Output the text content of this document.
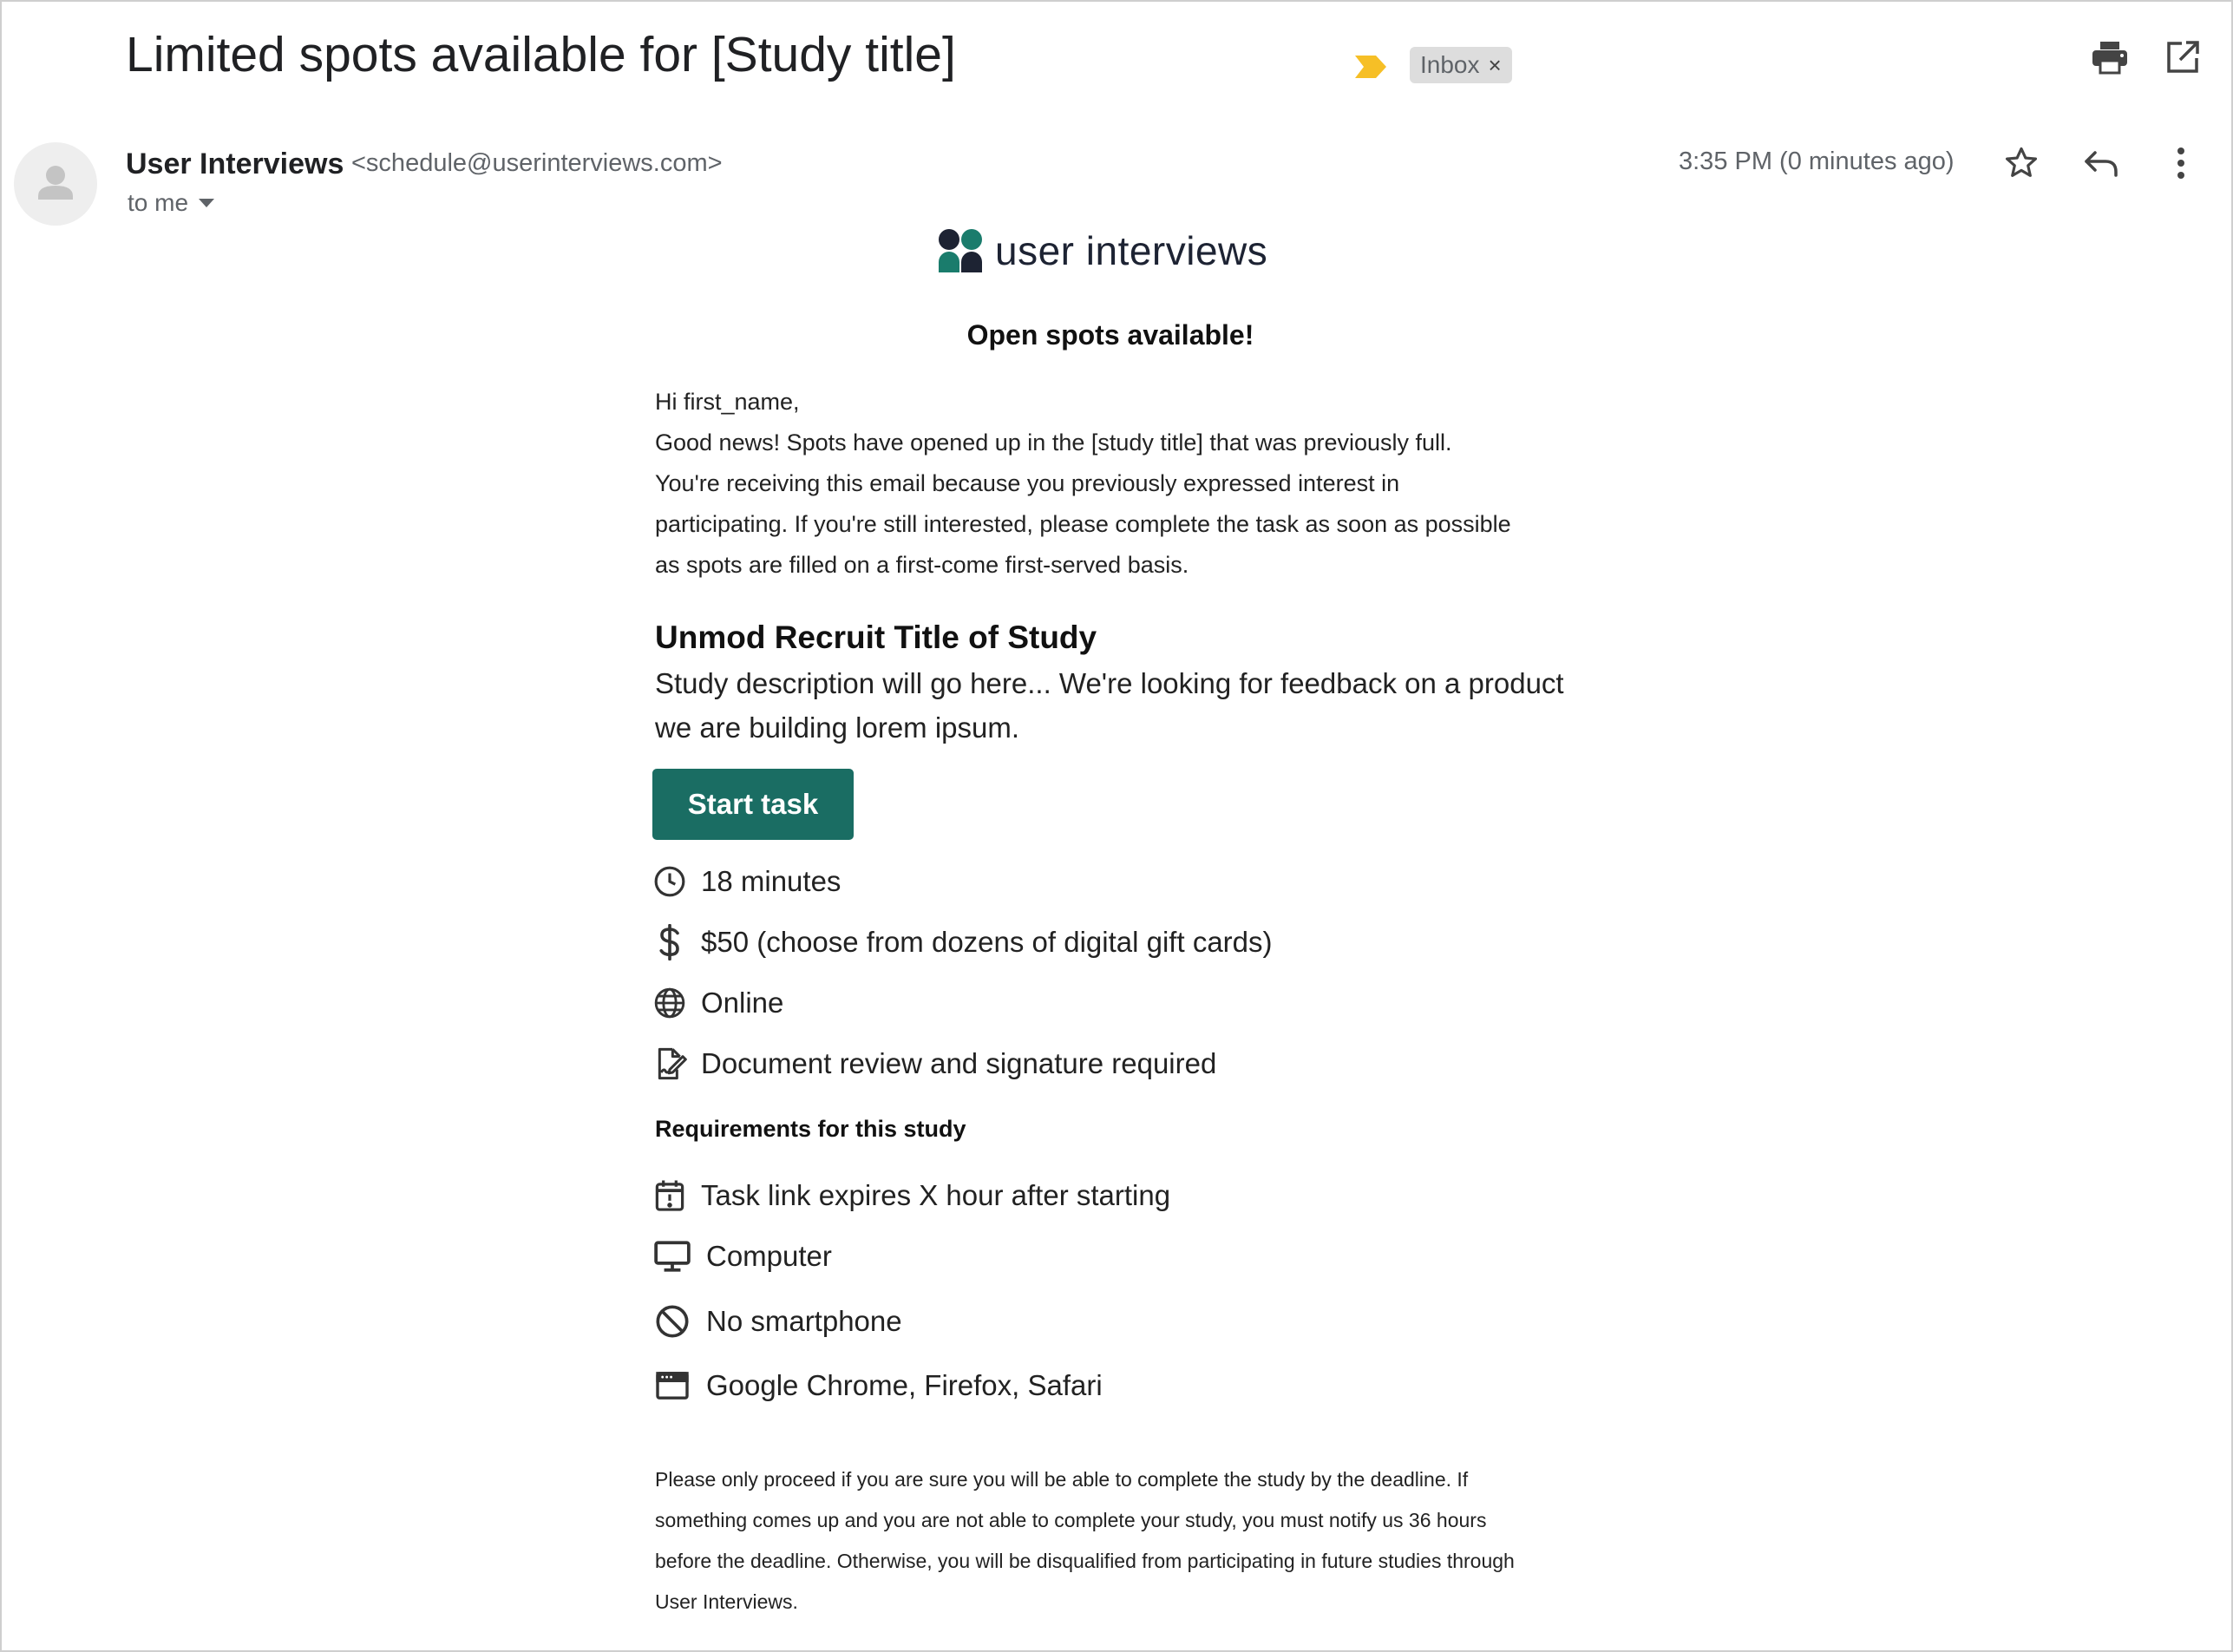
Limited spots available for [Study title]	Inbox ×
User Interviews <schedule@userinterviews.com>
to me
3:35 PM (0 minutes ago)
user interviews
Open spots available!

Hi first_name,

Good news! Spots have opened up in the [study title] that was previously full.

You're receiving this email because you previously expressed interest in

participating. If you're still interested, please complete the task as soon as possible

as spots are filled on a first-come first-served basis.

Unmod Recruit Title of Study
Study description will go here... We're looking for feedback on a product
we are building lorem ipsum.
Start task
18 minutes
$50 (choose from dozens of digital gift cards)
Online
Document review and signature required
Requirements for this study
Task link expires X hour after starting
Computer
No smartphone
Google Chrome, Firefox, Safari
Please only proceed if you are sure you will be able to complete the study by the deadline. If
something comes up and you are not able to complete your study, you must notify us 36 hours
before the deadline. Otherwise, you will be disqualified from participating in future studies through
User Interviews.
